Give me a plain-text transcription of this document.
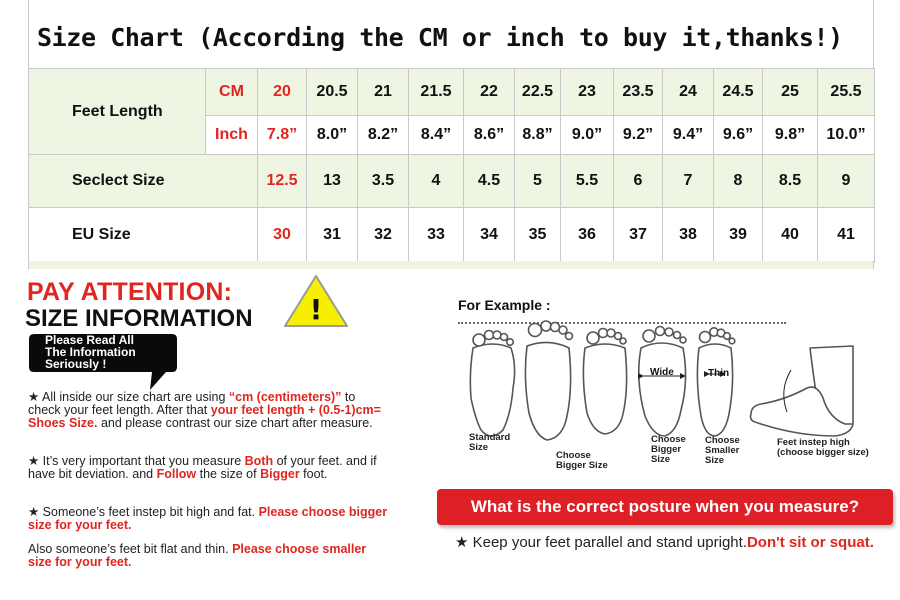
Size Chart (According the CM or inch to buy it,thanks!)
Feet Length	CM	20	20.5	21	21.5	22	22.5	23	23.5	24	24.5	25	25.5
	Inch	7.8”	8.0”	8.2”	8.4”	8.6”	8.8”	9.0”	9.2”	9.4”	9.6”	9.8”	10.0”
Seclect Size		12.5	13	3.5	4	4.5	5	5.5	6	7	8	8.5	9
EU Size		30	31	32	33	34	35	36	37	38	39	40	41
PAY ATTENTION:
SIZE INFORMATION !
Please Read All
The Information
Seriously !
★ All inside our size chart are using “cm (centimeters)” to check your feet length. After that your feet length + (0.5-1)cm= Shoes Size. and please contrast our size chart after measure.
★ It’s very important that you measure Both of your feet. and if have bit deviation. and Follow the size of Bigger foot.
★ Someone’s feet instep bit high and fat. Please choose bigger size for your feet.
Also someone’s feet bit flat and thin. Please choose smaller size for your feet.
For Example :
Wide	Thin
Standard
Size
Choose
Bigger Size
Choose
Bigger
Size
Choose
Smaller
Size
Feet instep high
(choose bigger size)
What is the correct posture when you measure?
★ Keep your feet parallel and stand upright.Don't sit or squat.
